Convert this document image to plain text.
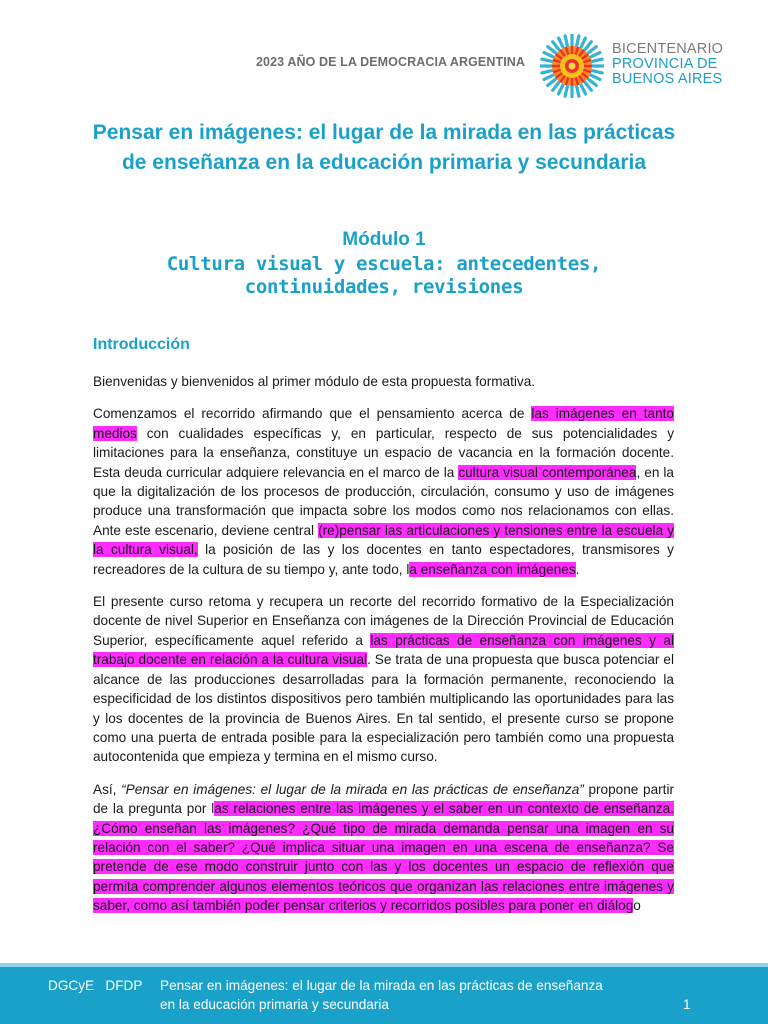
2023 AÑO DE LA DEMOCRACIA ARGENTINA
BICENTENARIO
PROVINCIA DE
BUENOS AIRES
Pensar en imágenes: el lugar de la mirada en las prácticas de enseñanza en la educación primaria y secundaria
Módulo 1
Cultura visual y escuela: antecedentes, continuidades, revisiones
Introducción

Bienvenidas y bienvenidos al primer módulo de esta propuesta formativa.

Comenzamos el recorrido afirmando que el pensamiento acerca de las imágenes en tanto medios con cualidades específicas y, en particular, respecto de sus potencialidades y limitaciones para la enseñanza, constituye un espacio de vacancia en la formación docente. Esta deuda curricular adquiere relevancia en el marco de la cultura visual contemporánea, en la que la digitalización de los procesos de producción, circulación, consumo y uso de imágenes produce una transformación que impacta sobre los modos como nos relacionamos con ellas. Ante este escenario, deviene central (re)pensar las articulaciones y tensiones entre la escuela y la cultura visual, la posición de las y los docentes en tanto espectadores, transmisores y recreadores de la cultura de su tiempo y, ante todo, la enseñanza con imágenes.

El presente curso retoma y recupera un recorte del recorrido formativo de la Especialización docente de nivel Superior en Enseñanza con imágenes de la Dirección Provincial de Educación Superior, específicamente aquel referido a las prácticas de enseñanza con imágenes y al trabajo docente en relación a la cultura visual. Se trata de una propuesta que busca potenciar el alcance de las producciones desarrolladas para la formación permanente, reconociendo la especificidad de los distintos dispositivos pero también multiplicando las oportunidades para las y los docentes de la provincia de Buenos Aires. En tal sentido, el presente curso se propone como una puerta de entrada posible para la especialización pero también como una propuesta autocontenida que empieza y termina en el mismo curso.

Así, “Pensar en imágenes: el lugar de la mirada en las prácticas de enseñanza” propone partir de la pregunta por las relaciones entre las imágenes y el saber en un contexto de enseñanza. ¿Cómo enseñan las imágenes? ¿Qué tipo de mirada demanda pensar una imagen en su relación con el saber? ¿Qué implica situar una imagen en una escena de enseñanza? Se pretende de ese modo construir junto con las y los docentes un espacio de reflexión que permita comprender algunos elementos teóricos que organizan las relaciones entre imágenes y saber, como así también poder pensar criterios y recorridos posibles para poner en diálogo

DGCyE   DFDP Pensar en imágenes: el lugar de la mirada en las prácticas de enseñanza
en la educación primaria y secundaria	1
